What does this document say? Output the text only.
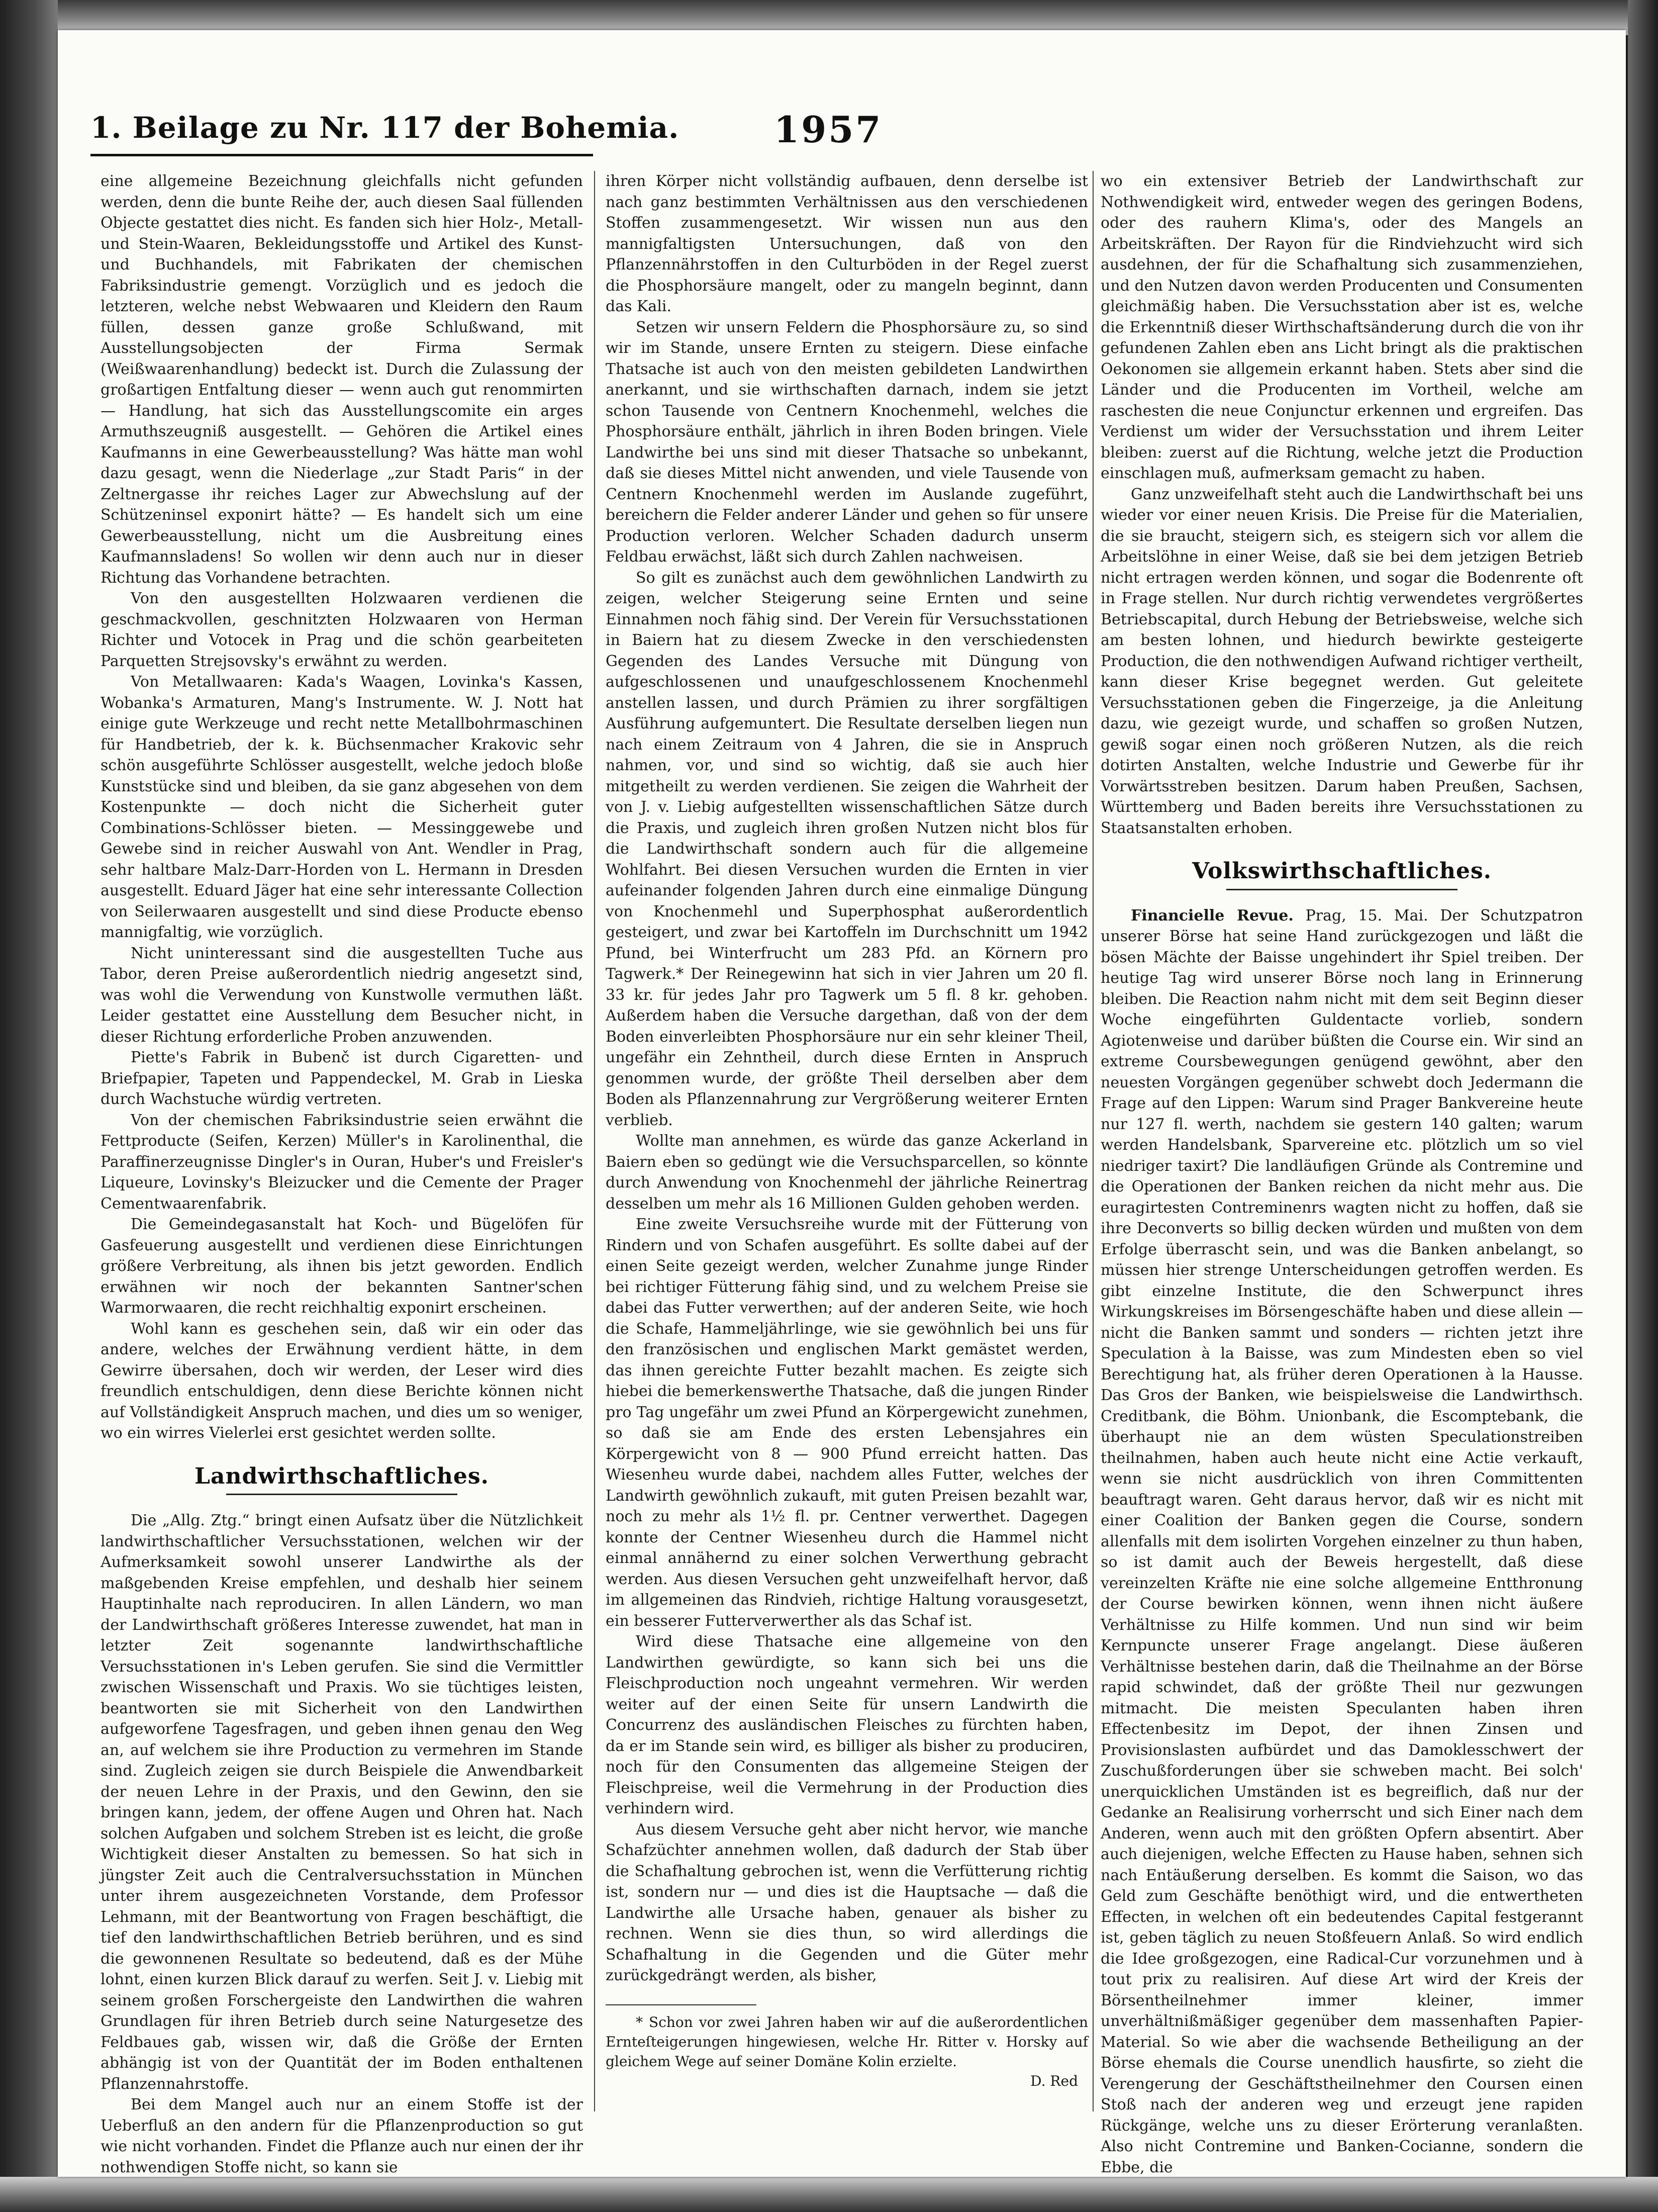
1. Beilage zu Nr. 117 der Bohemia.	1957

eine allgemeine Bezeichnung gleichfalls nicht gefunden werden, denn die bunte Reihe der, auch diesen Saal füllenden Objecte gestattet dies nicht. Es fanden sich hier Holz-, Metall- und Stein-Waaren, Bekleidungsstoffe und Artikel des Kunst- und Buchhandels, mit Fabrikaten der chemischen Fabriksindustrie gemengt. Vorzüglich und es jedoch die letzteren, welche nebst Webwaaren und Kleidern den Raum füllen, dessen ganze große Schlußwand, mit Ausstellungsobjecten der Firma Sermak (Weißwaarenhandlung) bedeckt ist. Durch die Zulassung der großartigen Entfaltung dieser — wenn auch gut renommirten — Handlung, hat sich das Ausstellungscomite ein arges Armuthszeugniß ausgestellt. — Gehören die Artikel eines Kaufmanns in eine Gewerbeausstellung? Was hätte man wohl dazu gesagt, wenn die Niederlage „zur Stadt Paris“ in der Zeltnergasse ihr reiches Lager zur Abwechslung auf der Schützeninsel exponirt hätte? — Es handelt sich um eine Gewerbeausstellung, nicht um die Ausbreitung eines Kaufmannsladens! So wollen wir denn auch nur in dieser Richtung das Vorhandene betrachten.

Von den ausgestellten Holzwaaren verdienen die geschmackvollen, geschnitzten Holzwaaren von Herman Richter und Votocek in Prag und die schön gearbeiteten Parquetten Strejsovsky's erwähnt zu werden.

Von Metallwaaren: Kada's Waagen, Lovinka's Kassen, Wobanka's Armaturen, Mang's Instrumente. W. J. Nott hat einige gute Werkzeuge und recht nette Metallbohrmaschinen für Handbetrieb, der k. k. Büchsenmacher Krakovic sehr schön ausgeführte Schlösser ausgestellt, welche jedoch bloße Kunststücke sind und bleiben, da sie ganz abgesehen von dem Kostenpunkte — doch nicht die Sicherheit guter Combinations-Schlösser bieten. — Messinggewebe und Gewebe sind in reicher Auswahl von Ant. Wendler in Prag, sehr haltbare Malz-Darr-Horden von L. Hermann in Dresden ausgestellt. Eduard Jäger hat eine sehr interessante Collection von Seilerwaaren ausgestellt und sind diese Producte ebenso mannigfaltig, wie vorzüglich.

Nicht uninteressant sind die ausgestellten Tuche aus Tabor, deren Preise außerordentlich niedrig angesetzt sind, was wohl die Verwendung von Kunstwolle vermuthen läßt. Leider gestattet eine Ausstellung dem Besucher nicht, in dieser Richtung erforderliche Proben anzuwenden.

Piette's Fabrik in Bubenč ist durch Cigaretten- und Briefpapier, Tapeten und Pappendeckel, M. Grab in Lieska durch Wachstuche würdig vertreten.

Von der chemischen Fabriksindustrie seien erwähnt die Fettproducte (Seifen, Kerzen) Müller's in Karolinenthal, die Paraffinerzeugnisse Dingler's in Ouran, Huber's und Freisler's Liqueure, Lovinsky's Bleizucker und die Cemente der Prager Cementwaarenfabrik.

Die Gemeindegasanstalt hat Koch- und Bügelöfen für Gasfeuerung ausgestellt und verdienen diese Einrichtungen größere Verbreitung, als ihnen bis jetzt geworden. Endlich erwähnen wir noch der bekannten Santner'schen Warmorwaaren, die recht reichhaltig exponirt erscheinen.

Wohl kann es geschehen sein, daß wir ein oder das andere, welches der Erwähnung verdient hätte, in dem Gewirre übersahen, doch wir werden, der Leser wird dies freundlich entschuldigen, denn diese Berichte können nicht auf Vollständigkeit Anspruch machen, und dies um so weniger, wo ein wirres Vielerlei erst gesichtet werden sollte.

Landwirthschaftliches.

Die „Allg. Ztg.“ bringt einen Aufsatz über die Nützlichkeit landwirthschaftlicher Versuchsstationen, welchen wir der Aufmerksamkeit sowohl unserer Landwirthe als der maßgebenden Kreise empfehlen, und deshalb hier seinem Hauptinhalte nach reproduciren. In allen Ländern, wo man der Landwirthschaft größeres Interesse zuwendet, hat man in letzter Zeit sogenannte landwirthschaftliche Versuchsstationen in's Leben gerufen. Sie sind die Vermittler zwischen Wissenschaft und Praxis. Wo sie tüchtiges leisten, beantworten sie mit Sicherheit von den Landwirthen aufgeworfene Tagesfragen, und geben ihnen genau den Weg an, auf welchem sie ihre Production zu vermehren im Stande sind. Zugleich zeigen sie durch Beispiele die Anwendbarkeit der neuen Lehre in der Praxis, und den Gewinn, den sie bringen kann, jedem, der offene Augen und Ohren hat. Nach solchen Aufgaben und solchem Streben ist es leicht, die große Wichtigkeit dieser Anstalten zu bemessen. So hat sich in jüngster Zeit auch die Centralversuchsstation in München unter ihrem ausgezeichneten Vorstande, dem Professor Lehmann, mit der Beantwortung von Fragen beschäftigt, die tief den landwirthschaftlichen Betrieb berühren, und es sind die gewonnenen Resultate so bedeutend, daß es der Mühe lohnt, einen kurzen Blick darauf zu werfen. Seit J. v. Liebig mit seinem großen Forschergeiste den Landwirthen die wahren Grundlagen für ihren Betrieb durch seine Naturgesetze des Feldbaues gab, wissen wir, daß die Größe der Ernten abhängig ist von der Quantität der im Boden enthaltenen Pflanzennahrstoffe.

Bei dem Mangel auch nur an einem Stoffe ist der Ueberfluß an den andern für die Pflanzenproduction so gut wie nicht vorhanden. Findet die Pflanze auch nur einen der ihr nothwendigen Stoffe nicht, so kann sie

ihren Körper nicht vollständig aufbauen, denn derselbe ist nach ganz bestimmten Verhältnissen aus den verschiedenen Stoffen zusammengesetzt. Wir wissen nun aus den mannigfaltigsten Untersuchungen, daß von den Pflanzennährstoffen in den Culturböden in der Regel zuerst die Phosphorsäure mangelt, oder zu mangeln beginnt, dann das Kali.

Setzen wir unsern Feldern die Phosphorsäure zu, so sind wir im Stande, unsere Ernten zu steigern. Diese einfache Thatsache ist auch von den meisten gebildeten Landwirthen anerkannt, und sie wirthschaften darnach, indem sie jetzt schon Tausende von Centnern Knochenmehl, welches die Phosphorsäure enthält, jährlich in ihren Boden bringen. Viele Landwirthe bei uns sind mit dieser Thatsache so unbekannt, daß sie dieses Mittel nicht anwenden, und viele Tausende von Centnern Knochenmehl werden im Auslande zugeführt, bereichern die Felder anderer Länder und gehen so für unsere Production verloren. Welcher Schaden dadurch unserm Feldbau erwächst, läßt sich durch Zahlen nachweisen.

So gilt es zunächst auch dem gewöhnlichen Landwirth zu zeigen, welcher Steigerung seine Ernten und seine Einnahmen noch fähig sind. Der Verein für Versuchsstationen in Baiern hat zu diesem Zwecke in den verschiedensten Gegenden des Landes Versuche mit Düngung von aufgeschlossenen und unaufgeschlossenem Knochenmehl anstellen lassen, und durch Prämien zu ihrer sorgfältigen Ausführung aufgemuntert. Die Resultate derselben liegen nun nach einem Zeitraum von 4 Jahren, die sie in Anspruch nahmen, vor, und sind so wichtig, daß sie auch hier mitgetheilt zu werden verdienen. Sie zeigen die Wahrheit der von J. v. Liebig aufgestellten wissenschaftlichen Sätze durch die Praxis, und zugleich ihren großen Nutzen nicht blos für die Landwirthschaft sondern auch für die allgemeine Wohlfahrt. Bei diesen Versuchen wurden die Ernten in vier aufeinander folgenden Jahren durch eine einmalige Düngung von Knochenmehl und Superphosphat außerordentlich gesteigert, und zwar bei Kartoffeln im Durchschnitt um 1942 Pfund, bei Winterfrucht um 283 Pfd. an Körnern pro Tagwerk.* Der Reinegewinn hat sich in vier Jahren um 20 fl. 33 kr. für jedes Jahr pro Tagwerk um 5 fl. 8 kr. gehoben. Außerdem haben die Versuche dargethan, daß von der dem Boden einverleibten Phosphorsäure nur ein sehr kleiner Theil, ungefähr ein Zehntheil, durch diese Ernten in Anspruch genommen wurde, der größte Theil derselben aber dem Boden als Pflanzennahrung zur Vergrößerung weiterer Ernten verblieb.

Wollte man annehmen, es würde das ganze Ackerland in Baiern eben so gedüngt wie die Versuchsparcellen, so könnte durch Anwendung von Knochenmehl der jährliche Reinertrag desselben um mehr als 16 Millionen Gulden gehoben werden.

Eine zweite Versuchsreihe wurde mit der Fütterung von Rindern und von Schafen ausgeführt. Es sollte dabei auf der einen Seite gezeigt werden, welcher Zunahme junge Rinder bei richtiger Fütterung fähig sind, und zu welchem Preise sie dabei das Futter verwerthen; auf der anderen Seite, wie hoch die Schafe, Hammeljährlinge, wie sie gewöhnlich bei uns für den französischen und englischen Markt gemästet werden, das ihnen gereichte Futter bezahlt machen. Es zeigte sich hiebei die bemerkenswerthe Thatsache, daß die jungen Rinder pro Tag ungefähr um zwei Pfund an Körpergewicht zunehmen, so daß sie am Ende des ersten Lebensjahres ein Körpergewicht von 8 — 900 Pfund erreicht hatten. Das Wiesenheu wurde dabei, nachdem alles Futter, welches der Landwirth gewöhnlich zukauft, mit guten Preisen bezahlt war, noch zu mehr als 1½ fl. pr. Centner verwerthet. Dagegen konnte der Centner Wiesenheu durch die Hammel nicht einmal annähernd zu einer solchen Verwerthung gebracht werden. Aus diesen Versuchen geht unzweifelhaft hervor, daß im allgemeinen das Rindvieh, richtige Haltung vorausgesetzt, ein besserer Futterverwerther als das Schaf ist.

Wird diese Thatsache eine allgemeine von den Landwirthen gewürdigte, so kann sich bei uns die Fleischproduction noch ungeahnt vermehren. Wir werden weiter auf der einen Seite für unsern Landwirth die Concurrenz des ausländischen Fleisches zu fürchten haben, da er im Stande sein wird, es billiger als bisher zu produciren, noch für den Consumenten das allgemeine Steigen der Fleischpreise, weil die Vermehrung in der Production dies verhindern wird.

Aus diesem Versuche geht aber nicht hervor, wie manche Schafzüchter annehmen wollen, daß dadurch der Stab über die Schafhaltung gebrochen ist, wenn die Verfütterung richtig ist, sondern nur — und dies ist die Hauptsache — daß die Landwirthe alle Ursache haben, genauer als bisher zu rechnen. Wenn sie dies thun, so wird allerdings die Schafhaltung in die Gegenden und die Güter mehr zurückgedrängt werden, als bisher,

* Schon vor zwei Jahren haben wir auf die außerordentlichen Ernteſteigerungen hingewiesen, welche Hr. Ritter v. Horsky auf gleichem Wege auf seiner Domäne Kolin erzielte.

D. Red

wo ein extensiver Betrieb der Landwirthschaft zur Nothwendigkeit wird, entweder wegen des geringen Bodens, oder des rauhern Klima's, oder des Mangels an Arbeitskräften. Der Rayon für die Rindviehzucht wird sich ausdehnen, der für die Schafhaltung sich zusammenziehen, und den Nutzen davon werden Producenten und Consumenten gleichmäßig haben. Die Versuchsstation aber ist es, welche die Erkenntniß dieser Wirthschaftsänderung durch die von ihr gefundenen Zahlen eben ans Licht bringt als die praktischen Oekonomen sie allgemein erkannt haben. Stets aber sind die Länder und die Producenten im Vortheil, welche am raschesten die neue Conjunctur erkennen und ergreifen. Das Verdienst um wider der Versuchsstation und ihrem Leiter bleiben: zuerst auf die Richtung, welche jetzt die Production einschlagen muß, aufmerksam gemacht zu haben.

Ganz unzweifelhaft steht auch die Landwirthschaft bei uns wieder vor einer neuen Krisis. Die Preise für die Materialien, die sie braucht, steigern sich, es steigern sich vor allem die Arbeitslöhne in einer Weise, daß sie bei dem jetzigen Betrieb nicht ertragen werden können, und sogar die Bodenrente oft in Frage stellen. Nur durch richtig verwendetes vergrößertes Betriebscapital, durch Hebung der Betriebsweise, welche sich am besten lohnen, und hiedurch bewirkte gesteigerte Production, die den nothwendigen Aufwand richtiger vertheilt, kann dieser Krise begegnet werden. Gut geleitete Versuchsstationen geben die Fingerzeige, ja die Anleitung dazu, wie gezeigt wurde, und schaffen so großen Nutzen, gewiß sogar einen noch größeren Nutzen, als die reich dotirten Anstalten, welche Industrie und Gewerbe für ihr Vorwärtsstreben besitzen. Darum haben Preußen, Sachsen, Württemberg und Baden bereits ihre Versuchsstationen zu Staatsanstalten erhoben.

Volkswirthschaftliches.

Financielle Revue. Prag, 15. Mai. Der Schutzpatron unserer Börse hat seine Hand zurückgezogen und läßt die bösen Mächte der Baisse ungehindert ihr Spiel treiben. Der heutige Tag wird unserer Börse noch lang in Erinnerung bleiben. Die Reaction nahm nicht mit dem seit Beginn dieser Woche eingeführten Guldentacte vorlieb, sondern Agiotenweise und darüber büßten die Course ein. Wir sind an extreme Coursbewegungen genügend gewöhnt, aber den neuesten Vorgängen gegenüber schwebt doch Jedermann die Frage auf den Lippen: Warum sind Prager Bankvereine heute nur 127 fl. werth, nachdem sie gestern 140 galten; warum werden Handelsbank, Sparvereine etc. plötzlich um so viel niedriger taxirt? Die landläufigen Gründe als Contremine und die Operationen der Banken reichen da nicht mehr aus. Die euragirtesten Contreminenrs wagten nicht zu hoffen, daß sie ihre Deconverts so billig decken würden und mußten von dem Erfolge überrascht sein, und was die Banken anbelangt, so müssen hier strenge Unterscheidungen getroffen werden. Es gibt einzelne Institute, die den Schwerpunct ihres Wirkungskreises im Börsengeschäfte haben und diese allein — nicht die Banken sammt und sonders — richten jetzt ihre Speculation à la Baisse, was zum Mindesten eben so viel Berechtigung hat, als früher deren Operationen à la Hausse. Das Gros der Banken, wie beispielsweise die Landwirthsch. Creditbank, die Böhm. Unionbank, die Escomptebank, die überhaupt nie an dem wüsten Speculationstreiben theilnahmen, haben auch heute nicht eine Actie verkauft, wenn sie nicht ausdrücklich von ihren Committenten beauftragt waren. Geht daraus hervor, daß wir es nicht mit einer Coalition der Banken gegen die Course, sondern allenfalls mit dem isolirten Vorgehen einzelner zu thun haben, so ist damit auch der Beweis hergestellt, daß diese vereinzelten Kräfte nie eine solche allgemeine Entthronung der Course bewirken können, wenn ihnen nicht äußere Verhältnisse zu Hilfe kommen. Und nun sind wir beim Kernpuncte unserer Frage angelangt. Diese äußeren Verhältnisse bestehen darin, daß die Theilnahme an der Börse rapid schwindet, daß der größte Theil nur gezwungen mitmacht. Die meisten Speculanten haben ihren Effectenbesitz im Depot, der ihnen Zinsen und Provisionslasten aufbürdet und das Damoklesschwert der Zuschußforderungen über sie schweben macht. Bei solch' unerquicklichen Umständen ist es begreiflich, daß nur der Gedanke an Realisirung vorherrscht und sich Einer nach dem Anderen, wenn auch mit den größten Opfern absentirt. Aber auch diejenigen, welche Effecten zu Hause haben, sehnen sich nach Entäußerung derselben. Es kommt die Saison, wo das Geld zum Geschäfte benöthigt wird, und die entwertheten Effecten, in welchen oft ein bedeutendes Capital festgerannt ist, geben täglich zu neuen Stoßfeuern Anlaß. So wird endlich die Idee großgezogen, eine Radical-Cur vorzunehmen und à tout prix zu realisiren. Auf diese Art wird der Kreis der Börsentheilnehmer immer kleiner, immer unverhältnißmäßiger gegenüber dem massenhaften Papier-Material. So wie aber die wachsende Betheiligung an der Börse ehemals die Course unendlich hausfirte, so zieht die Verengerung der Geschäftstheilnehmer den Coursen einen Stoß nach der anderen weg und erzeugt jene rapiden Rückgänge, welche uns zu dieser Erörterung veranlaßten. Also nicht Contremine und Banken-Cocianne, sondern die Ebbe, die
